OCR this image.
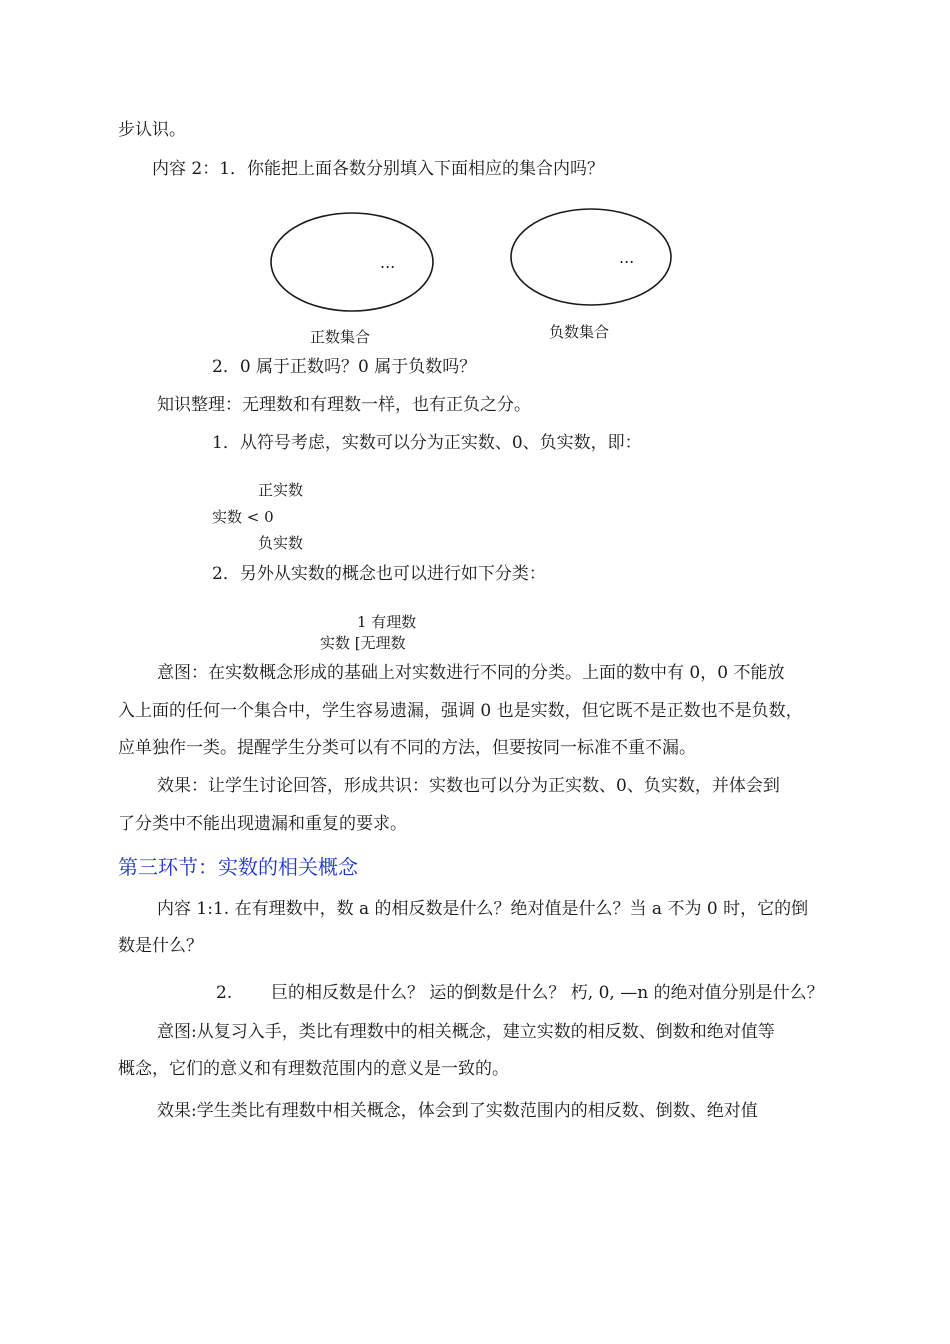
步认识。
内容 2：1．你能把上面各数分别填入下面相应的集合内吗？
...	...
正数集合	负数集合
2．0 属于正数吗？0 属于负数吗？
知识整理：无理数和有理数一样，也有正负之分。
1．从符号考虑，实数可以分为正实数、0、负实数，即：
正实数
实数 < 0
负实数
2．另外从实数的概念也可以进行如下分类：
1 有理数
实数 [无理数
意图：在实数概念形成的基础上对实数进行不同的分类。上面的数中有 0，0 不能放
入上面的任何一个集合中，学生容易遗漏，强调 0 也是实数，但它既不是正数也不是负数，
应单独作一类。提醒学生分类可以有不同的方法，但要按同一标准不重不漏。
效果：让学生讨论回答，形成共识：实数也可以分为正实数、0、负实数，并体会到
了分类中不能出现遗漏和重复的要求。
第三环节：实数的相关概念
内容 1:1. 在有理数中，数 a 的相反数是什么？绝对值是什么？当 a 不为 0 时，它的倒
数是什么？
2. 巨的相反数是什么？ 运的倒数是什么？ 朽, 0, —n 的绝对值分别是什么？
意图:从复习入手，类比有理数中的相关概念，建立实数的相反数、倒数和绝对值等
概念，它们的意义和有理数范围内的意义是一致的。
效果:学生类比有理数中相关概念，体会到了实数范围内的相反数、倒数、绝对值
